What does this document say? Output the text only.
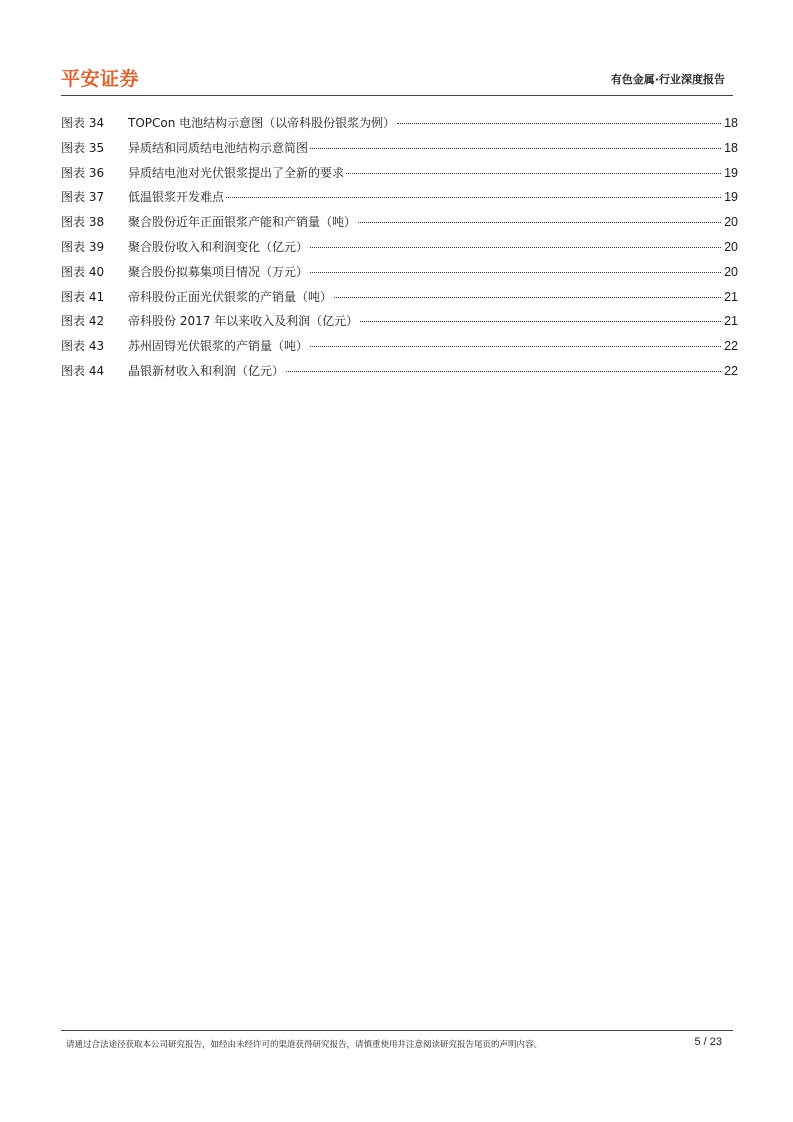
平安证券	有色金属·行业深度报告
图表 34	TOPCon 电池结构示意图（以帝科股份银浆为例）	18
图表 35	异质结和同质结电池结构示意简图	18
图表 36	异质结电池对光伏银浆提出了全新的要求	19
图表 37	低温银浆开发难点	19
图表 38	聚合股份近年正面银浆产能和产销量（吨）	20
图表 39	聚合股份收入和利润变化（亿元）	20
图表 40	聚合股份拟募集项目情况（万元）	20
图表 41	帝科股份正面光伏银浆的产销量（吨）	21
图表 42	帝科股份 2017 年以来收入及利润（亿元）	21
图表 43	苏州固锝光伏银浆的产销量（吨）	22
图表 44	晶银新材收入和利润（亿元）	22
请通过合法途径获取本公司研究报告，如经由未经许可的渠道获得研究报告，请慎重使用并注意阅读研究报告尾页的声明内容。	5 / 23
